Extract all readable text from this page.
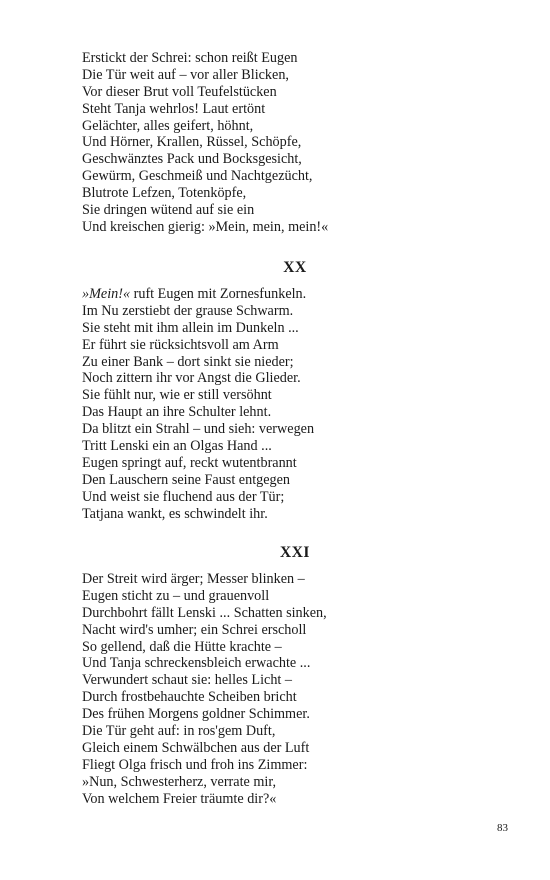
Erstickt der Schrei: schon reißt Eugen
Die Tür weit auf – vor aller Blicken,
Vor dieser Brut voll Teufelstücken
Steht Tanja wehrlos! Laut ertönt
Gelächter, alles geifert, höhnt,
Und Hörner, Krallen, Rüssel, Schöpfe,
Geschwänztes Pack und Bocksgesicht,
Gewürm, Geschmeiß und Nachtgezücht,
Blutrote Lefzen, Totenköpfe,
Sie dringen wütend auf sie ein
Und kreischen gierig: »Mein, mein, mein!«
XX
»Mein!« ruft Eugen mit Zornesfunkeln.
Im Nu zerstiebt der grause Schwarm.
Sie steht mit ihm allein im Dunkeln ...
Er führt sie rücksichtsvoll am Arm
Zu einer Bank – dort sinkt sie nieder;
Noch zittern ihr vor Angst die Glieder.
Sie fühlt nur, wie er still versöhnt
Das Haupt an ihre Schulter lehnt.
Da blitzt ein Strahl – und sieh: verwegen
Tritt Lenski ein an Olgas Hand ...
Eugen springt auf, reckt wutentbrannt
Den Lauschern seine Faust entgegen
Und weist sie fluchend aus der Tür;
Tatjana wankt, es schwindelt ihr.
XXI
Der Streit wird ärger; Messer blinken –
Eugen sticht zu – und grauenvoll
Durchbohrt fällt Lenski ... Schatten sinken,
Nacht wird's umher; ein Schrei erscholl
So gellend, daß die Hütte krachte –
Und Tanja schreckensbleich erwachte ...
Verwundert schaut sie: helles Licht –
Durch frostbehauchte Scheiben bricht
Des frühen Morgens goldner Schimmer.
Die Tür geht auf: in ros'gem Duft,
Gleich einem Schwälbchen aus der Luft
Fliegt Olga frisch und froh ins Zimmer:
»Nun, Schwesterherz, verrate mir,
Von welchem Freier träumte dir?«
83
